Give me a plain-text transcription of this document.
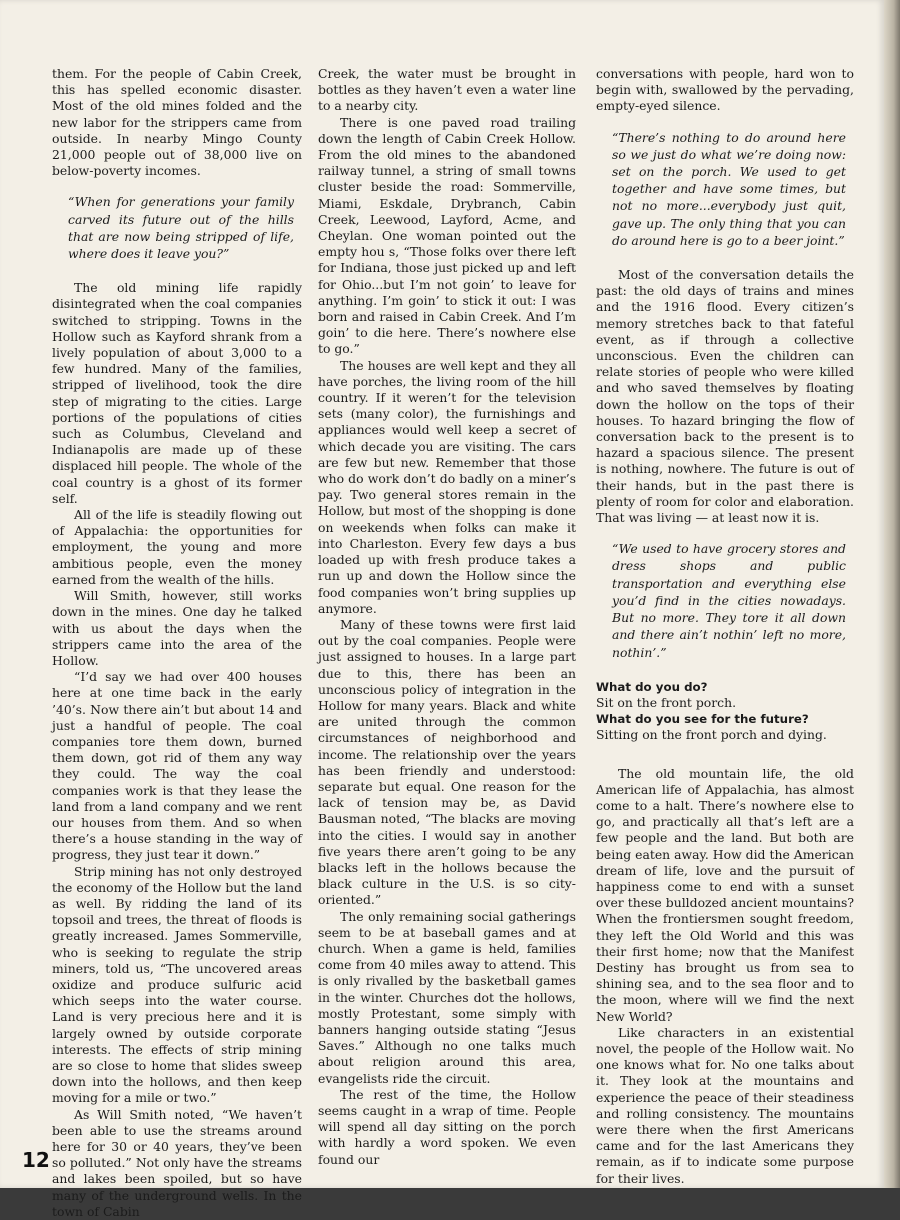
them. For the people of Cabin Creek, this has spelled economic disaster. Most of the old mines folded and the new labor for the strippers came from outside. In nearby Mingo County 21,000 people out of 38,000 live on below-poverty incomes.

“When for generations your family carved its future out of the hills that are now being stripped of life, where does it leave you?”

The old mining life rapidly disintegrated when the coal companies switched to stripping. Towns in the Hollow such as Kayford shrank from a lively population of about 3,000 to a few hundred. Many of the families, stripped of livelihood, took the dire step of migrating to the cities. Large portions of the populations of cities such as Columbus, Cleveland and Indianapolis are made up of these displaced hill people. The whole of the coal country is a ghost of its former self.

All of the life is steadily flowing out of Appalachia: the opportunities for employment, the young and more ambitious people, even the money earned from the wealth of the hills.

Will Smith, however, still works down in the mines. One day he talked with us about the days when the strippers came into the area of the Hollow.

“I’d say we had over 400 houses here at one time back in the early ’40’s. Now there ain’t but about 14 and just a handful of people. The coal companies tore them down, burned them down, got rid of them any way they could. The way the coal companies work is that they lease the land from a land company and we rent our houses from them. And so when there’s a house standing in the way of progress, they just tear it down.”

Strip mining has not only destroyed the economy of the Hollow but the land as well. By ridding the land of its topsoil and trees, the threat of floods is greatly increased. James Sommerville, who is seeking to regulate the strip miners, told us, “The uncovered areas oxidize and produce sulfuric acid which seeps into the water course. Land is very precious here and it is largely owned by outside corporate interests. The effects of strip mining are so close to home that slides sweep down into the hollows, and then keep moving for a mile or two.”

As Will Smith noted, “We haven’t been able to use the streams around here for 30 or 40 years, they’ve been so polluted.” Not only have the streams and lakes been spoiled, but so have many of the underground wells. In the town of Cabin

Creek, the water must be brought in bottles as they haven’t even a water line to a nearby city.

There is one paved road trailing down the length of Cabin Creek Hollow. From the old mines to the abandoned railway tunnel, a string of small towns cluster beside the road: Sommerville, Miami, Eskdale, Drybranch, Cabin Creek, Leewood, Layford, Acme, and Cheylan. One woman pointed out the empty hou s, “Those folks over there left for Indiana, those just picked up and left for Ohio...but I’m not goin’ to leave for anything. I’m goin’ to stick it out: I was born and raised in Cabin Creek. And I’m goin’ to die here. There’s nowhere else to go.”

The houses are well kept and they all have porches, the living room of the hill country. If it weren’t for the television sets (many color), the furnishings and appliances would well keep a secret of which decade you are visiting. The cars are few but new. Remember that those who do work don’t do badly on a miner’s pay. Two general stores remain in the Hollow, but most of the shopping is done on weekends when folks can make it into Charleston. Every few days a bus loaded up with fresh produce takes a run up and down the Hollow since the food companies won’t bring supplies up anymore.

Many of these towns were first laid out by the coal companies. People were just assigned to houses. In a large part due to this, there has been an unconscious policy of integration in the Hollow for many years. Black and white are united through the common circumstances of neighborhood and income. The relationship over the years has been friendly and understood: separate but equal. One reason for the lack of tension may be, as David Bausman noted, “The blacks are moving into the cities. I would say in another five years there aren’t going to be any blacks left in the hollows because the black culture in the U.S. is so city-oriented.”

The only remaining social gatherings seem to be at baseball games and at church. When a game is held, families come from 40 miles away to attend. This is only rivalled by the basketball games in the winter. Churches dot the hollows, mostly Protestant, some simply with banners hanging outside stating “Jesus Saves.” Although no one talks much about religion around this area, evangelists ride the circuit.

The rest of the time, the Hollow seems caught in a wrap of time. People will spend all day sitting on the porch with hardly a word spoken. We even found our

conversations with people, hard won to begin with, swallowed by the pervading, empty-eyed silence.

“There’s nothing to do around here so we just do what we’re doing now: set on the porch. We used to get together and have some times, but not no more...everybody just quit, gave up. The only thing that you can do around here is go to a beer joint.”

Most of the conversation details the past: the old days of trains and mines and the 1916 flood. Every citizen’s memory stretches back to that fateful event, as if through a collective unconscious. Even the children can relate stories of people who were killed and who saved themselves by floating down the hollow on the tops of their houses. To hazard bringing the flow of conversation back to the present is to hazard a spacious silence. The present is nothing, nowhere. The future is out of their hands, but in the past there is plenty of room for color and elaboration. That was living — at least now it is.

“We used to have grocery stores and dress shops and public transportation and everything else you’d find in the cities nowadays. But no more. They tore it all down and there ain’t nothin’ left no more, nothin’.”

What do you do?

Sit on the front porch.

What do you see for the future?

Sitting on the front porch and dying.

The old mountain life, the old American life of Appalachia, has almost come to a halt. There’s nowhere else to go, and practically all that’s left are a few people and the land. But both are being eaten away. How did the American dream of life, love and the pursuit of happiness come to end with a sunset over these bulldozed ancient mountains? When the frontiersmen sought freedom, they left the Old World and this was their first home; now that the Manifest Destiny has brought us from sea to shining sea, and to the sea floor and to the moon, where will we find the next New World?

Like characters in an existential novel, the people of the Hollow wait. No one knows what for. No one talks about it. They look at the mountains and experience the peace of their steadiness and rolling consistency. The mountains were there when the first Americans came and for the last Americans they remain, as if to indicate some purpose for their lives.

12
